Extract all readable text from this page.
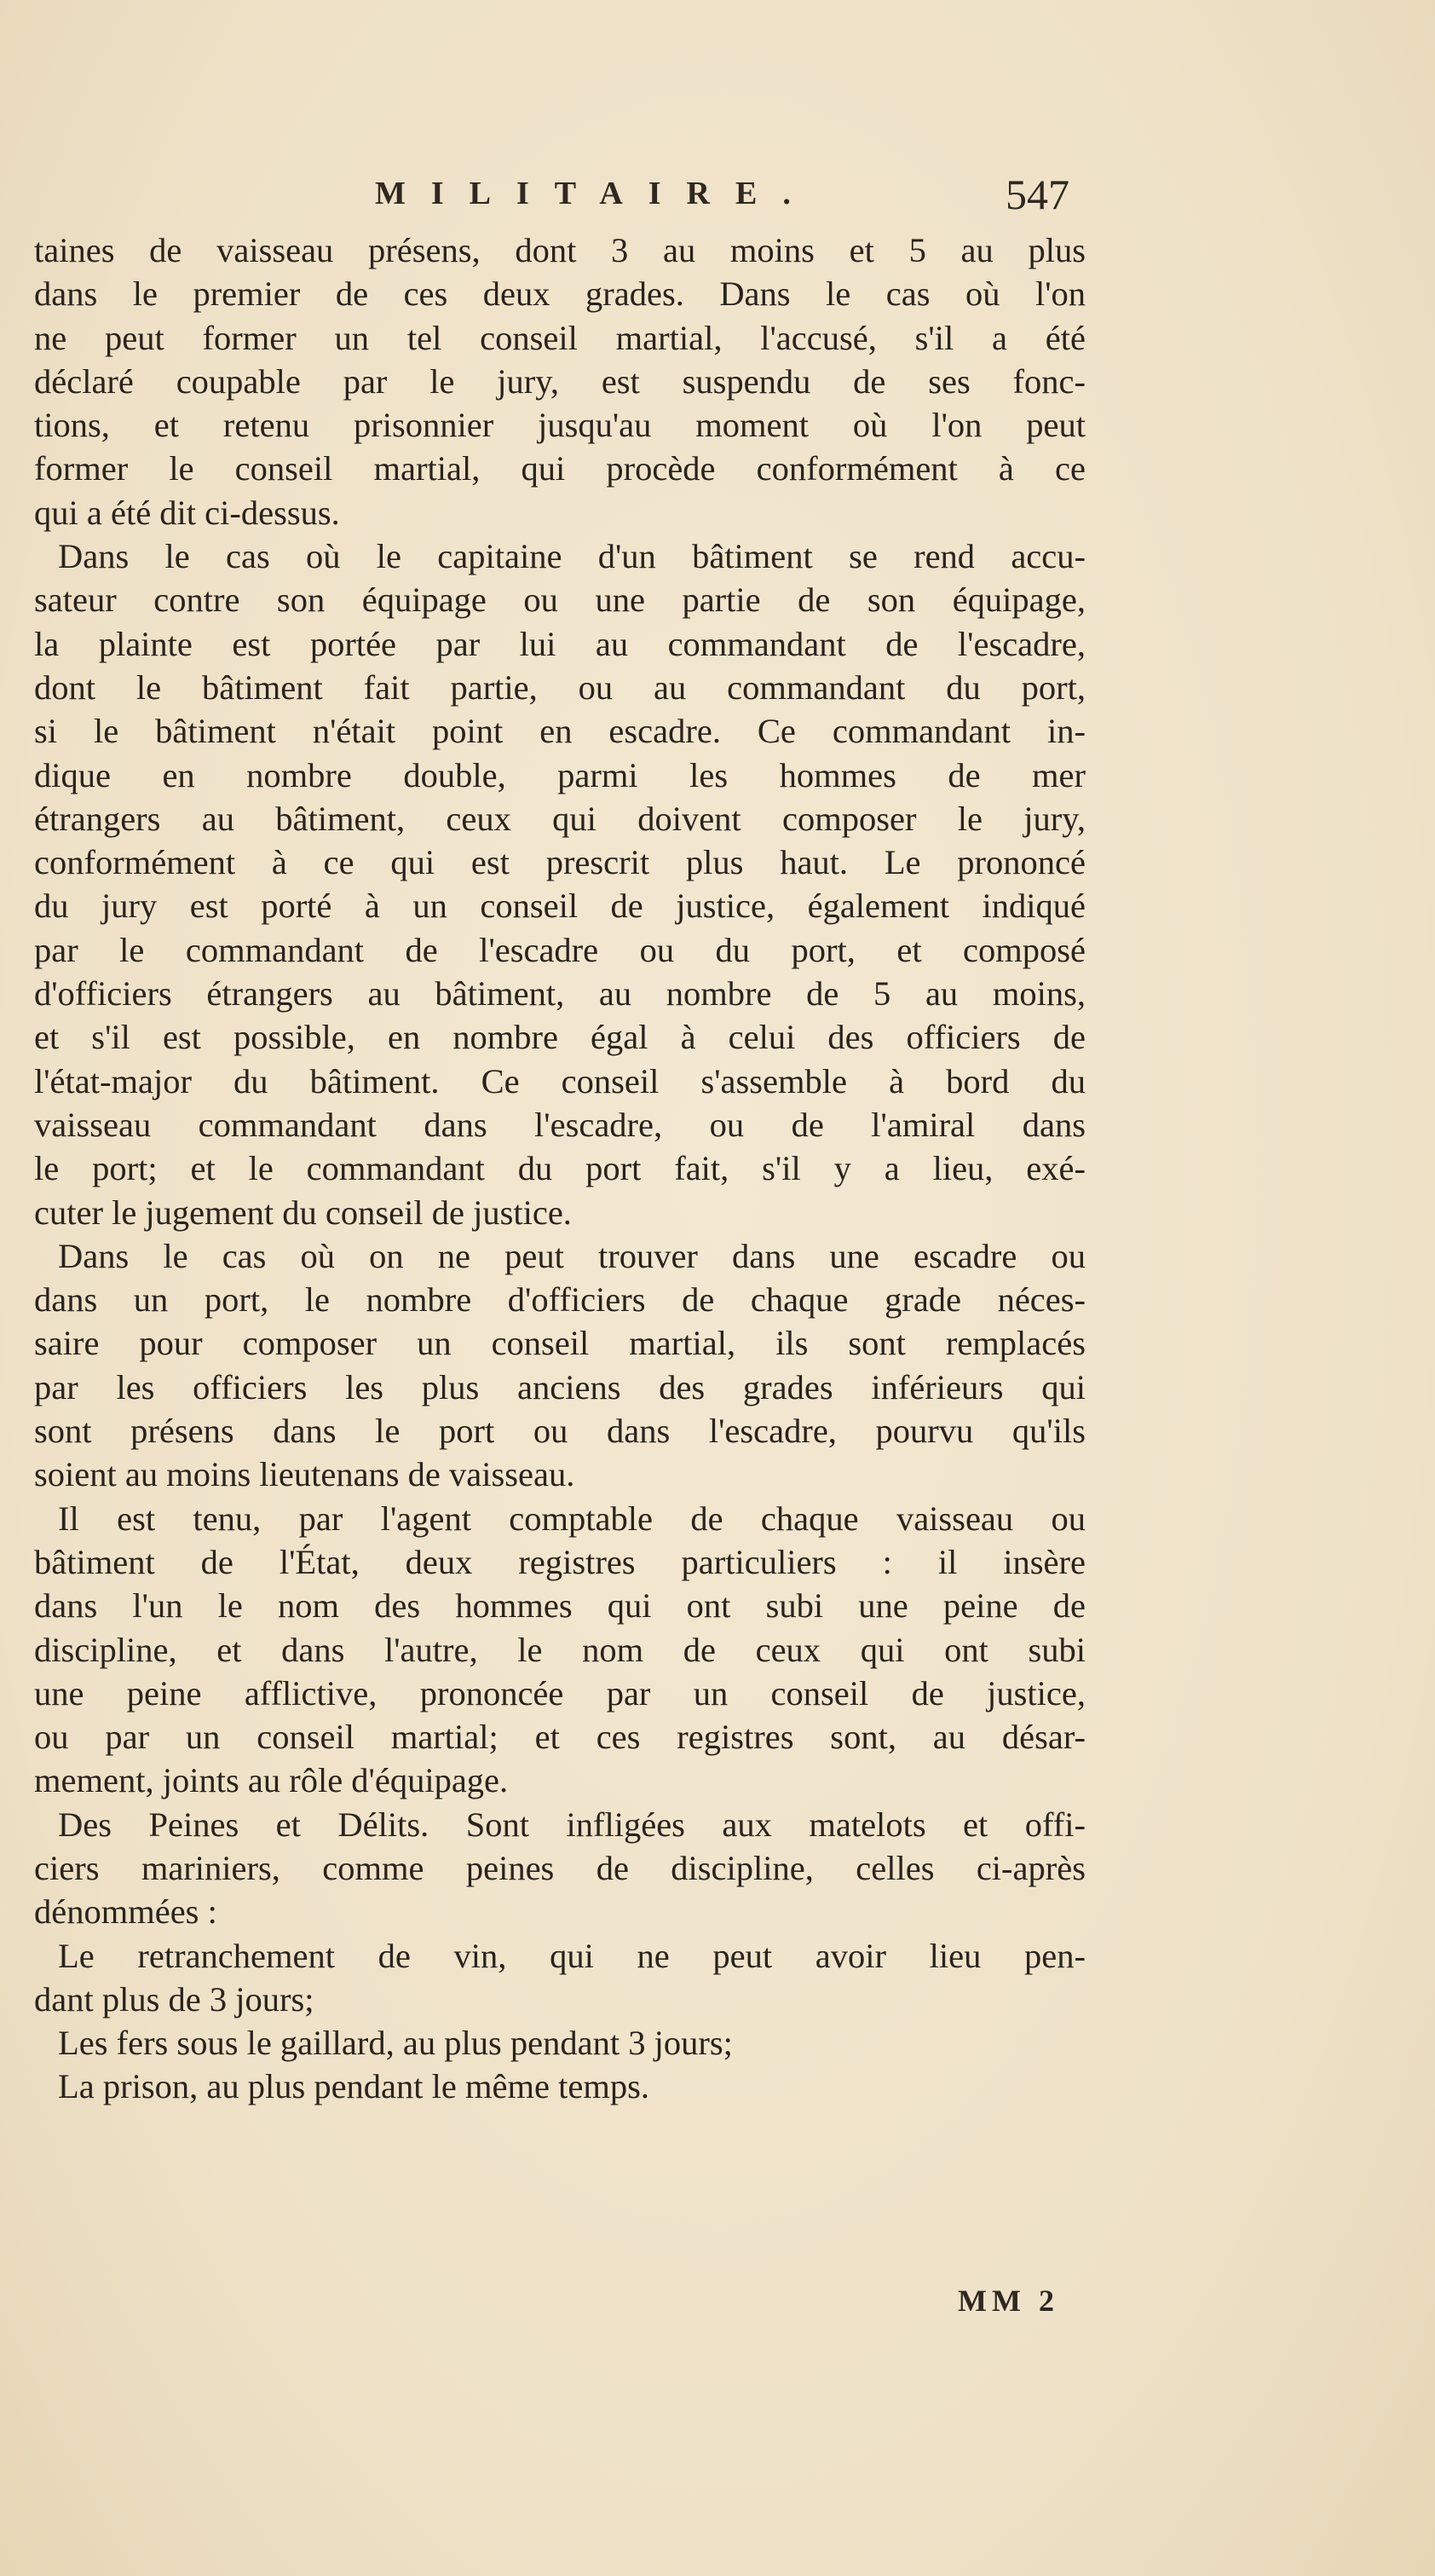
MILITAIRE.	547
taines de vaisseau présens, dont 3 au moins et 5 au plus
dans le premier de ces deux grades. Dans le cas où l'on
ne peut former un tel conseil martial, l'accusé, s'il a été
déclaré coupable par le jury, est suspendu de ses fonc-
tions, et retenu prisonnier jusqu'au moment où l'on peut
former le conseil martial, qui procède conformément à ce
qui a été dit ci-dessus.
Dans le cas où le capitaine d'un bâtiment se rend accu-
sateur contre son équipage ou une partie de son équipage,
la plainte est portée par lui au commandant de l'escadre,
dont le bâtiment fait partie, ou au commandant du port,
si le bâtiment n'était point en escadre. Ce commandant in-
dique en nombre double, parmi les hommes de mer
étrangers au bâtiment, ceux qui doivent composer le jury,
conformément à ce qui est prescrit plus haut. Le prononcé
du jury est porté à un conseil de justice, également indiqué
par le commandant de l'escadre ou du port, et composé
d'officiers étrangers au bâtiment, au nombre de 5 au moins,
et s'il est possible, en nombre égal à celui des officiers de
l'état-major du bâtiment. Ce conseil s'assemble à bord du
vaisseau commandant dans l'escadre, ou de l'amiral dans
le port; et le commandant du port fait, s'il y a lieu, exé-
cuter le jugement du conseil de justice.
Dans le cas où on ne peut trouver dans une escadre ou
dans un port, le nombre d'officiers de chaque grade néces-
saire pour composer un conseil martial, ils sont remplacés
par les officiers les plus anciens des grades inférieurs qui
sont présens dans le port ou dans l'escadre, pourvu qu'ils
soient au moins lieutenans de vaisseau.
Il est tenu, par l'agent comptable de chaque vaisseau ou
bâtiment de l'État, deux registres particuliers : il insère
dans l'un le nom des hommes qui ont subi une peine de
discipline, et dans l'autre, le nom de ceux qui ont subi
une peine afflictive, prononcée par un conseil de justice,
ou par un conseil martial; et ces registres sont, au désar-
mement, joints au rôle d'équipage.
Des Peines et Délits. Sont infligées aux matelots et offi-
ciers mariniers, comme peines de discipline, celles ci-après
dénommées :
Le retranchement de vin, qui ne peut avoir lieu pen-
dant plus de 3 jours;
Les fers sous le gaillard, au plus pendant 3 jours;
La prison, au plus pendant le même temps.
MM 2
